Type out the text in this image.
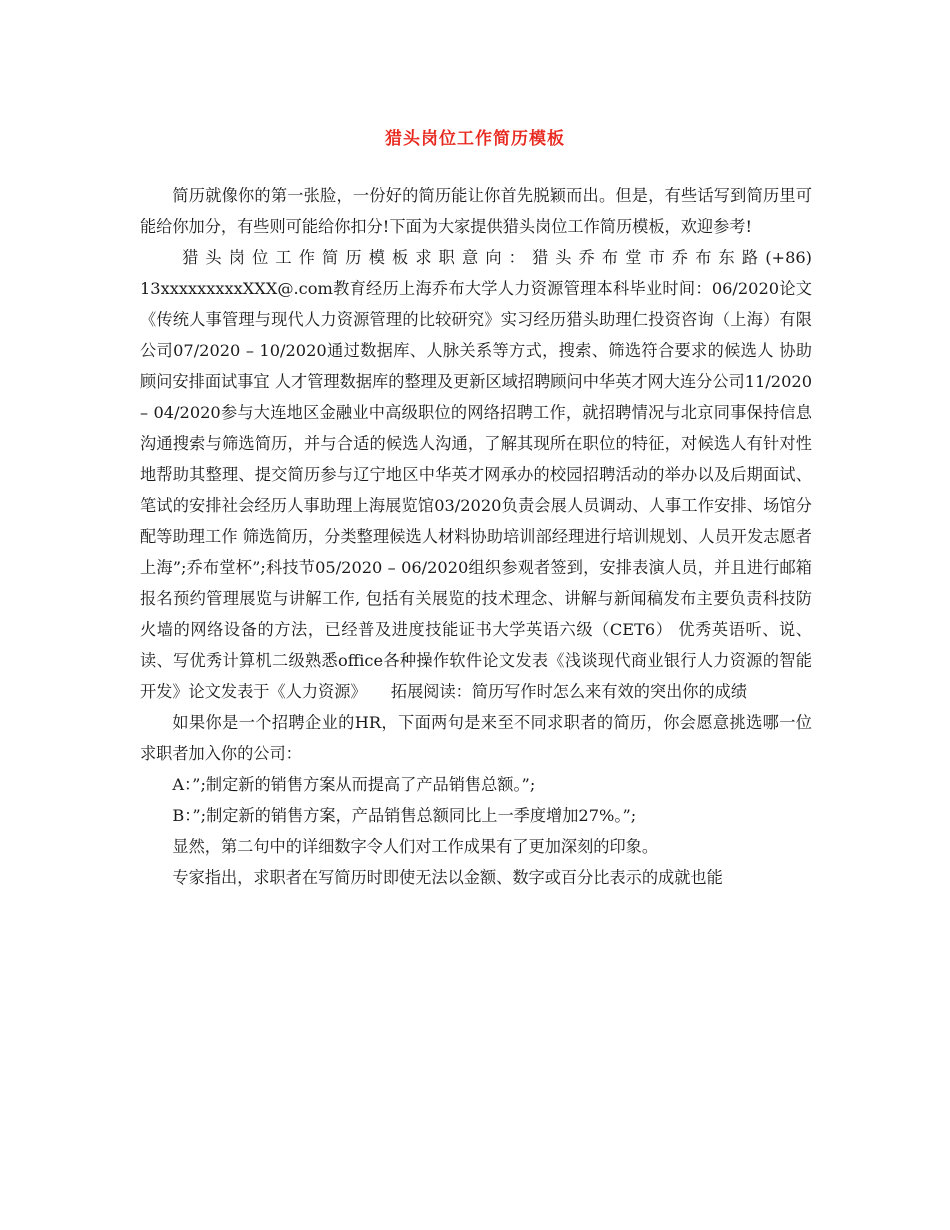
猎头岗位工作简历模板

简历就像你的第一张脸，一份好的简历能让你首先脱颖而出。但是，有些话写到简历里可能给你加分，有些则可能给你扣分!下面为大家提供猎头岗位工作简历模板，欢迎参考!

猎头岗位工作简历模板求职意向：猎头乔布堂市乔布东路(+86) 13xxxxxxxxxXXX@.com教育经历上海乔布大学人力资源管理本科毕业时间：06/2020论文《传统人事管理与现代人力资源管理的比较研究》实习经历猎头助理仁投资咨询（上海）有限公司07/2020 – 10/2020通过数据库、人脉关系等方式，搜索、筛选符合要求的候选人 协助顾问安排面试事宜 人才管理数据库的整理及更新区域招聘顾问中华英才网大连分公司11/2020 – 04/2020参与大连地区金融业中高级职位的网络招聘工作，就招聘情况与北京同事保持信息沟通搜索与筛选简历，并与合适的候选人沟通，了解其现所在职位的特征，对候选人有针对性地帮助其整理、提交简历参与辽宁地区中华英才网承办的校园招聘活动的举办以及后期面试、笔试的安排社会经历人事助理上海展览馆03/2020负责会展人员调动、人事工作安排、场馆分配等助理工作 筛选简历，分类整理候选人材料协助培训部经理进行培训规划、人员开发志愿者上海”;乔布堂杯”;科技节05/2020 – 06/2020组织参观者签到，安排表演人员，并且进行邮箱报名预约管理展览与讲解工作, 包括有关展览的技术理念、讲解与新闻稿发布主要负责科技防火墙的网络设备的方法，已经普及进度技能证书大学英语六级（CET6） 优秀英语听、说、读、写优秀计算机二级熟悉office各种操作软件论文发表《浅谈现代商业银行人力资源的智能开发》论文发表于《人力资源》　　拓展阅读：简历写作时怎么来有效的突出你的成绩

如果你是一个招聘企业的HR，下面两句是来至不同求职者的简历，你会愿意挑选哪一位求职者加入你的公司：

A：”;制定新的销售方案从而提高了产品销售总额。”;

B：”;制定新的销售方案，产品销售总额同比上一季度增加27%。”;

显然，第二句中的详细数字令人们对工作成果有了更加深刻的印象。

专家指出，求职者在写简历时即使无法以金额、数字或百分比表示的成就也能
